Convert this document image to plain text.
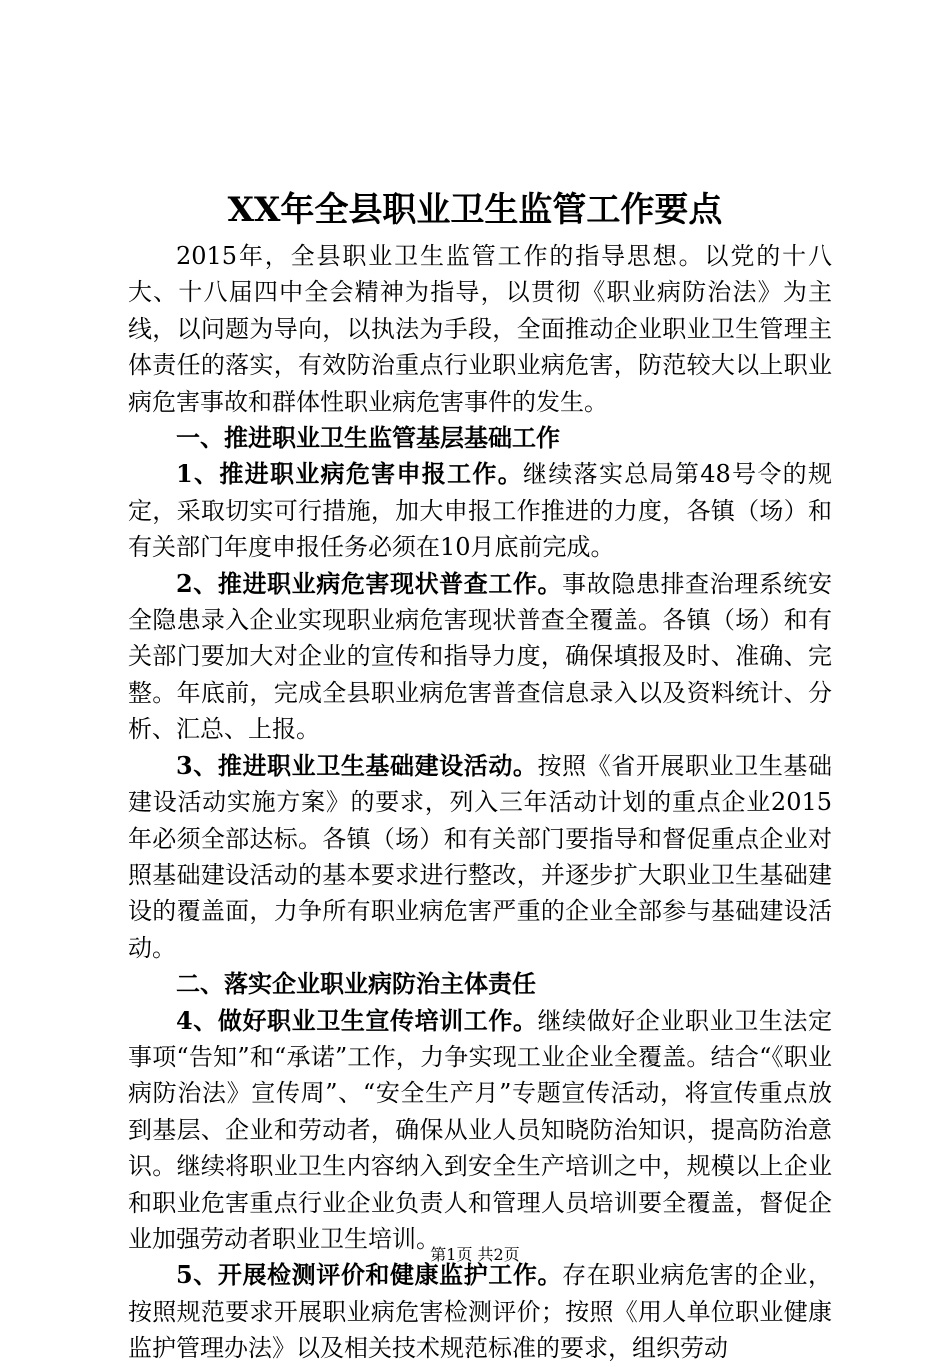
XX年全县职业卫生监管工作要点

2015年，全县职业卫生监管工作的指导思想。以党的十八大、十八届四中全会精神为指导，以贯彻《职业病防治法》为主线，以问题为导向，以执法为手段，全面推动企业职业卫生管理主体责任的落实，有效防治重点行业职业病危害，防范较大以上职业病危害事故和群体性职业病危害事件的发生。

一、推进职业卫生监管基层基础工作

1、推进职业病危害申报工作。继续落实总局第48号令的规定，采取切实可行措施，加大申报工作推进的力度，各镇（场）和有关部门年度申报任务必须在10月底前完成。

2、推进职业病危害现状普查工作。事故隐患排查治理系统安全隐患录入企业实现职业病危害现状普查全覆盖。各镇（场）和有关部门要加大对企业的宣传和指导力度，确保填报及时、准确、完整。年底前，完成全县职业病危害普查信息录入以及资料统计、分析、汇总、上报。

3、推进职业卫生基础建设活动。按照《省开展职业卫生基础建设活动实施方案》的要求，列入三年活动计划的重点企业2015年必须全部达标。各镇（场）和有关部门要指导和督促重点企业对照基础建设活动的基本要求进行整改，并逐步扩大职业卫生基础建设的覆盖面，力争所有职业病危害严重的企业全部参与基础建设活动。

二、落实企业职业病防治主体责任

4、做好职业卫生宣传培训工作。继续做好企业职业卫生法定事项“告知”和“承诺”工作，力争实现工业企业全覆盖。结合“《职业病防治法》宣传周”、“安全生产月”专题宣传活动，将宣传重点放到基层、企业和劳动者，确保从业人员知晓防治知识，提高防治意识。继续将职业卫生内容纳入到安全生产培训之中，规模以上企业和职业危害重点行业企业负责人和管理人员培训要全覆盖，督促企业加强劳动者职业卫生培训。

5、开展检测评价和健康监护工作。存在职业病危害的企业，按照规范要求开展职业病危害检测评价；按照《用人单位职业健康监护管理办法》以及相关技术规范标准的要求，组织劳动

第1页 共2页
